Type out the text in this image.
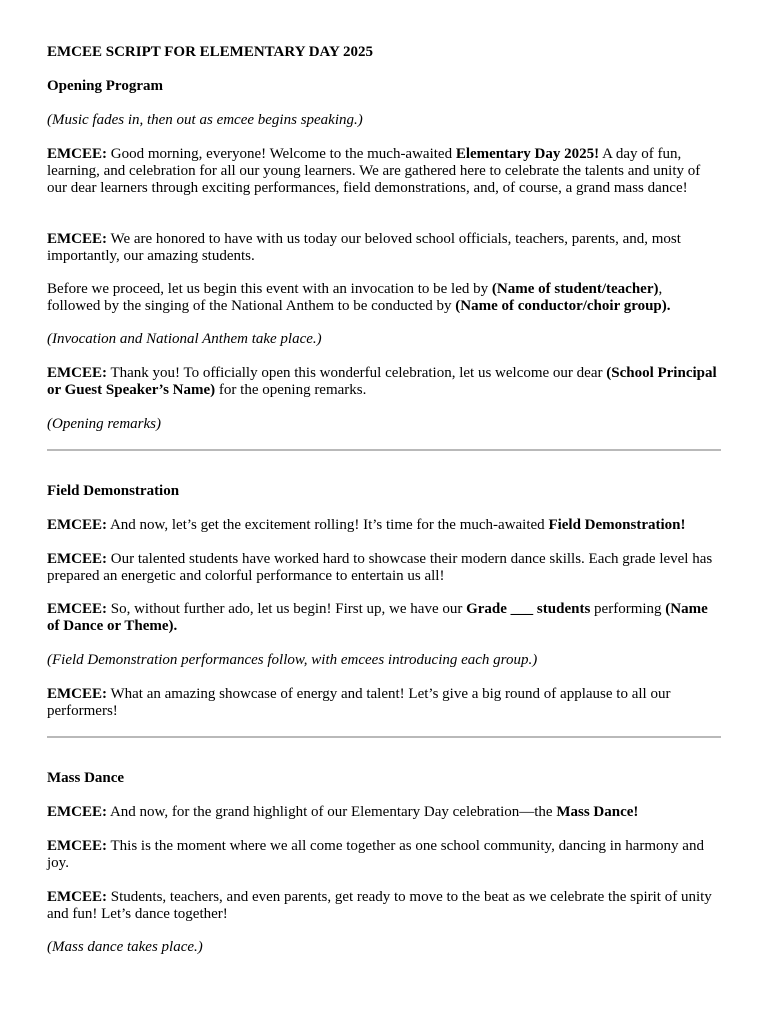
EMCEE SCRIPT FOR ELEMENTARY DAY 2025

Opening Program

(Music fades in, then out as emcee begins speaking.)

EMCEE: Good morning, everyone! Welcome to the much-awaited Elementary Day 2025! A day of fun, learning, and celebration for all our young learners. We are gathered here to celebrate the talents and unity of our dear learners through exciting performances, field demonstrations, and, of course, a grand mass dance!

EMCEE: We are honored to have with us today our beloved school officials, teachers, parents, and, most importantly, our amazing students.

Before we proceed, let us begin this event with an invocation to be led by (Name of student/teacher), followed by the singing of the National Anthem to be conducted by (Name of conductor/choir group).

(Invocation and National Anthem take place.)

EMCEE: Thank you! To officially open this wonderful celebration, let us welcome our dear (School Principal or Guest Speaker’s Name) for the opening remarks.

(Opening remarks)

Field Demonstration

EMCEE: And now, let’s get the excitement rolling! It’s time for the much-awaited Field Demonstration!

EMCEE: Our talented students have worked hard to showcase their modern dance skills. Each grade level has prepared an energetic and colorful performance to entertain us all!

EMCEE: So, without further ado, let us begin! First up, we have our Grade ___ students performing (Name of Dance or Theme).

(Field Demonstration performances follow, with emcees introducing each group.)

EMCEE: What an amazing showcase of energy and talent! Let’s give a big round of applause to all our performers!

Mass Dance

EMCEE: And now, for the grand highlight of our Elementary Day celebration—the Mass Dance!

EMCEE: This is the moment where we all come together as one school community, dancing in harmony and joy.

EMCEE: Students, teachers, and even parents, get ready to move to the beat as we celebrate the spirit of unity and fun! Let’s dance together!

(Mass dance takes place.)
